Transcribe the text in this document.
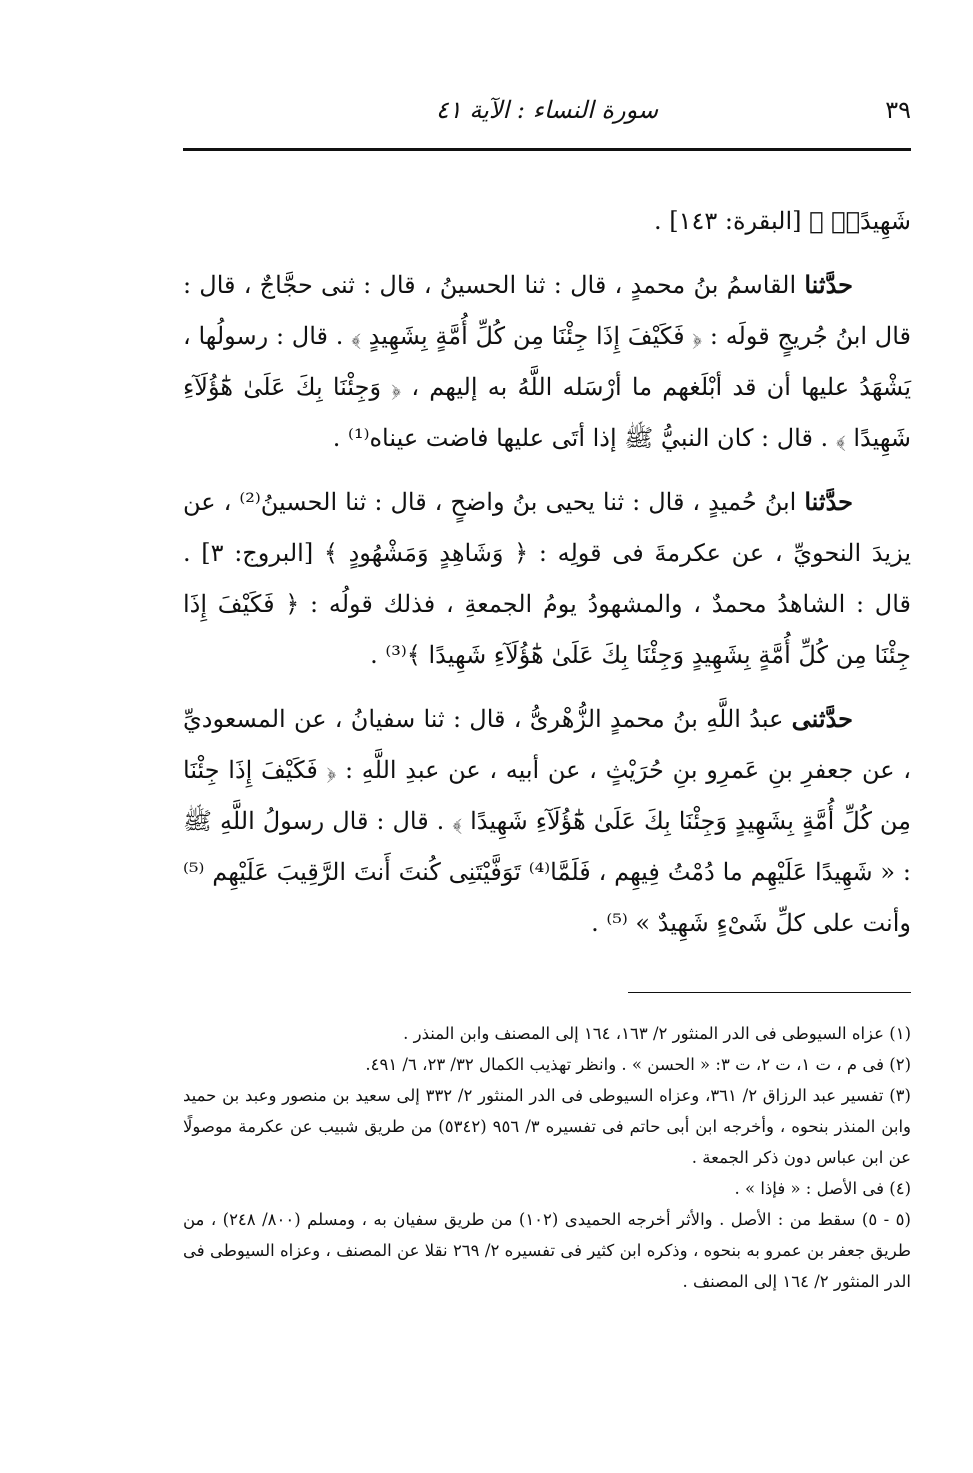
سورة النساء : الآية ٤١	٣٩

شَهِيدًاۗ ﴾ [البقرة: ١٤٣] .

حدَّثنا القاسمُ بنُ محمدٍ ، قال : ثنا الحسينُ ، قال : ثنى حجَّاجٌ ، قال : قال ابنُ جُريجٍ قولَه : ﴿ فَكَيْفَ إِذَا جِئْنَا مِن كُلِّ أُمَّةٍ بِشَهِيدٍ ﴾ . قال : رسولُها ، يَشْهَدُ عليها أن قد أبْلَغهم ما أرْسَله اللَّهُ به إليهم ، ﴿ وَجِئْنَا بِكَ عَلَىٰ هَٰٓؤُلَآءِ شَهِيدًا ﴾ . قال : كان النبيُّ ﷺ إذا أتَى عليها فاضت عيناه⁽¹⁾ .

حدَّثنا ابنُ حُميدٍ ، قال : ثنا يحيى بنُ واضحٍ ، قال : ثنا الحسينُ⁽²⁾ ، عن يزيدَ النحويِّ ، عن عكرمةَ فى قولِه : ﴿ وَشَاهِدٍ وَمَشْهُودٍ ﴾ [البروج: ٣] . قال : الشاهدُ محمدٌ ، والمشهودُ يومُ الجمعةِ ، فذلك قولُه : ﴿ فَكَيْفَ إِذَا جِئْنَا مِن كُلِّ أُمَّةٍ بِشَهِيدٍ وَجِئْنَا بِكَ عَلَىٰ هَٰٓؤُلَآءِ شَهِيدًا ﴾⁽³⁾ .

حدَّثنى عبدُ اللَّهِ بنُ محمدٍ الزُّهْرىُّ ، قال : ثنا سفيانُ ، عن المسعوديِّ ، عن جعفرِ بنِ عَمرِو بنِ حُرَيْثٍ ، عن أبيه ، عن عبدِ اللَّهِ : ﴿ فَكَيْفَ إِذَا جِئْنَا مِن كُلِّ أُمَّةٍ بِشَهِيدٍ وَجِئْنَا بِكَ عَلَىٰ هَٰٓؤُلَآءِ شَهِيدًا ﴾ . قال : قال رسولُ اللَّهِ ﷺ : « شَهِيدًا عَلَيْهِم ما دُمْتُ فِيهِم ، فَلَمَّا⁽⁴⁾ تَوَفَّيْتَنِى كُنتَ أَنتَ الرَّقِيبَ عَلَيْهِم ⁽⁵⁾ وأنت على كلِّ شَىْءٍ شَهِيدٌ » ⁽⁵⁾ .

(١) عزاه السيوطى فى الدر المنثور ٢/ ١٦٣، ١٦٤ إلى المصنف وابن المنذر .

(٢) فى م ، ت ١، ت ٢، ت ٣: « الحسن » . وانظر تهذيب الكمال ٣٢/ ٢٣، ٦/ ٤٩١.

(٣) تفسير عبد الرزاق ٢/ ٣٦١، وعزاه السيوطى فى الدر المنثور ٢/ ٣٣٢ إلى سعيد بن منصور وعبد بن حميد وابن المنذر بنحوه ، وأخرجه ابن أبى حاتم فى تفسيره ٣/ ٩٥٦ (٥٣٤٢) من طريق شبيب عن عكرمة موصولًا عن ابن عباس دون ذكر الجمعة .

(٤) فى الأصل : « فإذا » .

(٥ - ٥) سقط من : الأصل . والأثر أخرجه الحميدى (١٠٢) من طريق سفيان به ، ومسلم (٨٠٠/ ٢٤٨) ، من طريق جعفر بن عمرو به بنحوه ، وذكره ابن كثير فى تفسيره ٢/ ٢٦٩ نقلا عن المصنف ، وعزاه السيوطى فى الدر المنثور ٢/ ١٦٤ إلى المصنف .
